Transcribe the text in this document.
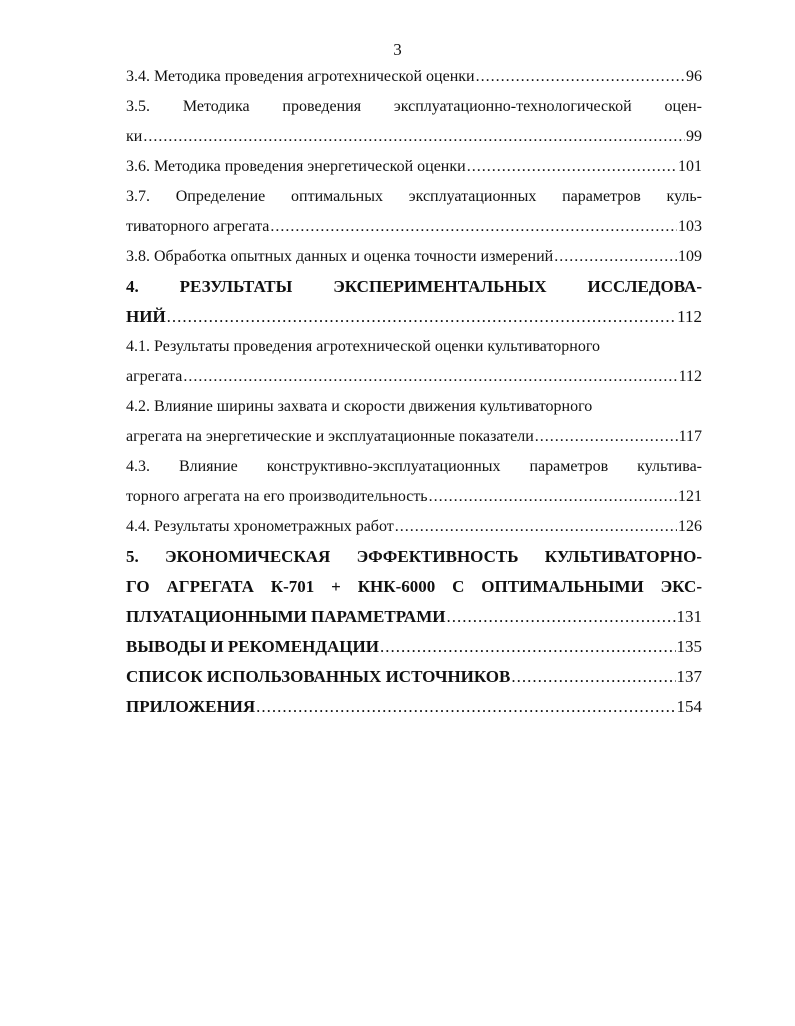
3
3.4. Методика проведения агротехнической оценки .....	96
3.5. Методика проведения эксплуатационно-технологической оцен-
ки .....	99
3.6. Методика проведения энергетической оценки .....	101
3.7. Определение оптимальных эксплуатационных параметров куль-
тиваторного агрегата .....	103
3.8. Обработка опытных данных и оценка точности измерений .....	109
4. РЕЗУЛЬТАТЫ ЭКСПЕРИМЕНТАЛЬНЫХ ИССЛЕДОВА-
НИЙ .....	112
4.1. Результаты проведения агротехнической оценки культиваторного
агрегата .....	112
4.2. Влияние ширины захвата и скорости движения культиваторного
агрегата на энергетические и эксплуатационные показатели .....	117
4.3. Влияние конструктивно-эксплуатационных параметров культива-
торного агрегата на его производительность .....	121
4.4. Результаты хронометражных работ .....	126
5. ЭКОНОМИЧЕСКАЯ ЭФФЕКТИВНОСТЬ КУЛЬТИВАТОРНО-
ГО АГРЕГАТА К-701 + КНК-6000 С ОПТИМАЛЬНЫМИ ЭКС-
ПЛУАТАЦИОННЫМИ ПАРАМЕТРАМИ .....	131
ВЫВОДЫ И РЕКОМЕНДАЦИИ .....	135
СПИСОК ИСПОЛЬЗОВАННЫХ ИСТОЧНИКОВ .....	137
ПРИЛОЖЕНИЯ .....	154
